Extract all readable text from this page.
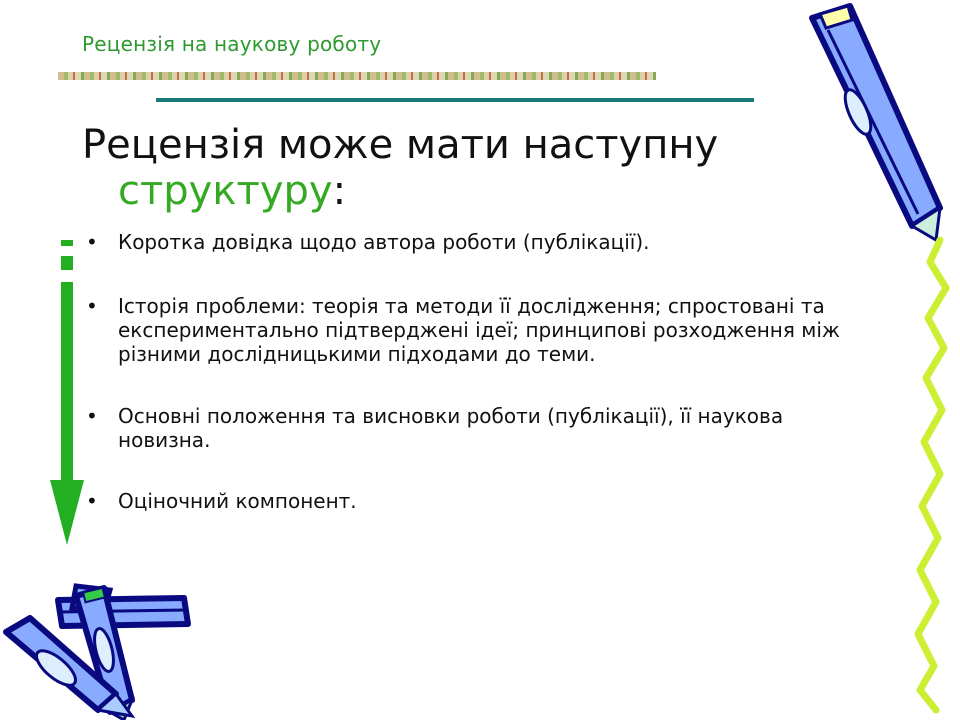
Рецензія на наукову роботу
Рецензія може мати наступну
структуру:
• Коротка довідка щодо автора роботи (публікації).
• Історія проблеми: теорія та методи її дослідження; спростовані та експериментально підтверджені ідеї; принципові розходження між різними дослідницькими підходами до теми.
• Основні положення та висновки роботи (публікації), її наукова новизна.
• Оціночний компонент.
